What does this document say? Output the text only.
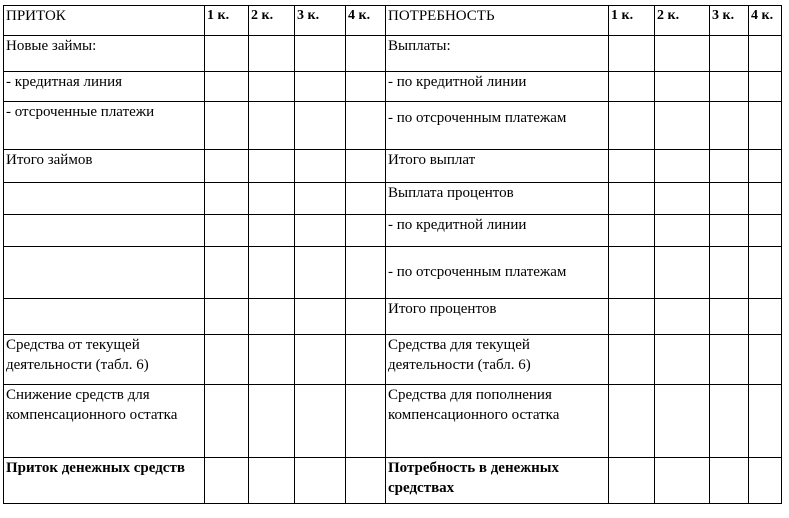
ПРИТОК	1 к.	2 к.	3 к.	4 к.	ПОТРЕБНОСТЬ	1 к.	2 к.	3 к.	4 к.
Новые займы:					Выплаты:				
- кредитная линия					- по кредитной линии				
- отсроченные платежи					- по отсроченным платежам				
Итого займов					Итого выплат				
					Выплата процентов				
					- по кредитной линии				
					- по отсроченным платежам				
					Итого процентов				
Средства от текущей деятельности (табл. 6)					Средства для текущей деятельности (табл. 6)				
Снижение средств для компенсационного остатка					Средства для пополнения компенсационного остатка				
Приток денежных средств					Потребность в денежных средствах				
